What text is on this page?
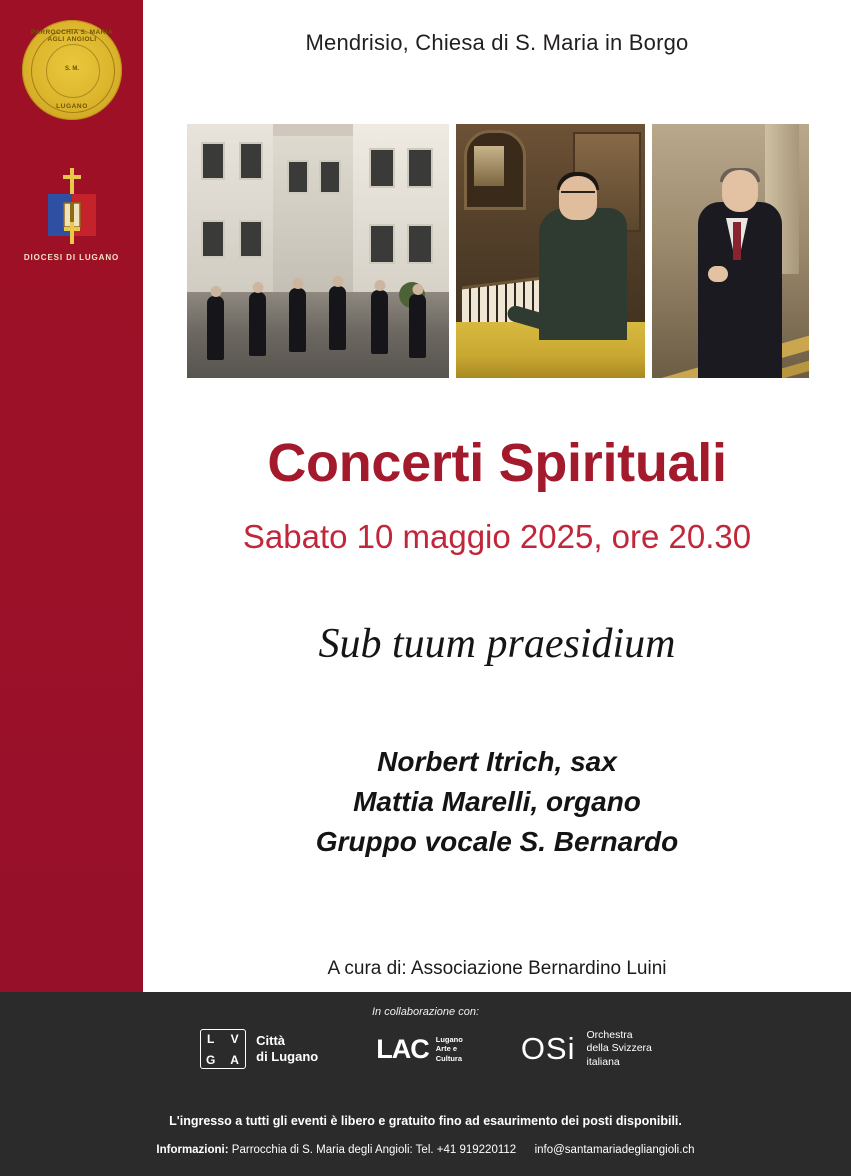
PARROCCHIA S. MARIA AGLI ANGIOLI
S. M.
LUGANO
DIOCESI DI LUGANO
Mendrisio, Chiesa di S. Maria in Borgo
Concerti Spirituali
Sabato 10 maggio 2025, ore 20.30
Sub tuum praesidium
Norbert Itrich, sax
Mattia Marelli, organo
Gruppo vocale S. Bernardo
A cura di: Associazione Bernardino Luini
In collaborazione con:
L V
G A
Città
di Lugano LAC Lugano
Arte e
Cultura OSi Orchestra
della Svizzera
italiana
L'ingresso a tutti gli eventi è libero e gratuito fino ad esaurimento dei posti disponibili.
Informazioni: Parrocchia di S. Maria degli Angioli: Tel. +41 919220112 info@santamariadegliangioli.ch
